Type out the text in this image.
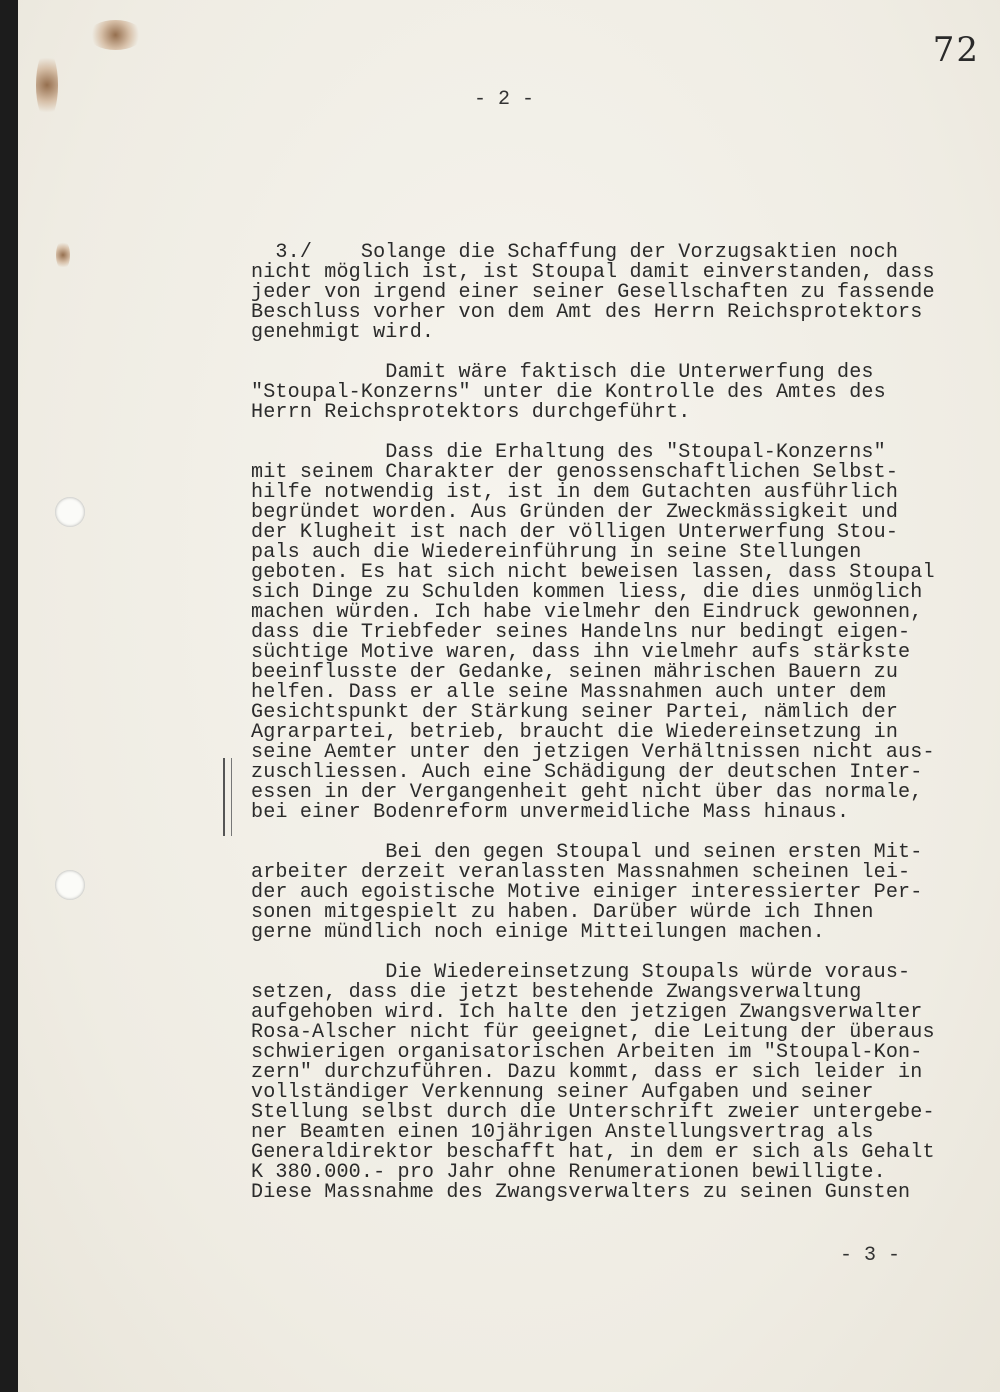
72
- 2 -
3./    Solange die Schaffung der Vorzugsaktien noch
nicht möglich ist, ist Stoupal damit einverstanden, dass
jeder von irgend einer seiner Gesellschaften zu fassende
Beschluss vorher von dem Amt des Herrn Reichsprotektors
genehmigt wird.
Damit wäre faktisch die Unterwerfung des
"Stoupal-Konzerns" unter die Kontrolle des Amtes des
Herrn Reichsprotektors durchgeführt.
Dass die Erhaltung des "Stoupal-Konzerns"
mit seinem Charakter der genossenschaftlichen Selbst-
hilfe notwendig ist, ist in dem Gutachten ausführlich
begründet worden. Aus Gründen der Zweckmässigkeit und
der Klugheit ist nach der völligen Unterwerfung Stou-
pals auch die Wiedereinführung in seine Stellungen
geboten. Es hat sich nicht beweisen lassen, dass Stoupal
sich Dinge zu Schulden kommen liess, die dies unmöglich
machen würden. Ich habe vielmehr den Eindruck gewonnen,
dass die Triebfeder seines Handelns nur bedingt eigen-
süchtige Motive waren, dass ihn vielmehr aufs stärkste
beeinflusste der Gedanke, seinen mährischen Bauern zu
helfen. Dass er alle seine Massnahmen auch unter dem
Gesichtspunkt der Stärkung seiner Partei, nämlich der
Agrarpartei, betrieb, braucht die Wiedereinsetzung in
seine Aemter unter den jetzigen Verhältnissen nicht aus-
zuschliessen. Auch eine Schädigung der deutschen Inter-
essen in der Vergangenheit geht nicht über das normale,
bei einer Bodenreform unvermeidliche Mass hinaus.
Bei den gegen Stoupal und seinen ersten Mit-
arbeiter derzeit veranlassten Massnahmen scheinen lei-
der auch egoistische Motive einiger interessierter Per-
sonen mitgespielt zu haben. Darüber würde ich Ihnen
gerne mündlich noch einige Mitteilungen machen.
Die Wiedereinsetzung Stoupals würde voraus-
setzen, dass die jetzt bestehende Zwangsverwaltung
aufgehoben wird. Ich halte den jetzigen Zwangsverwalter
Rosa-Alscher nicht für geeignet, die Leitung der überaus
schwierigen organisatorischen Arbeiten im "Stoupal-Kon-
zern" durchzuführen. Dazu kommt, dass er sich leider in
vollständiger Verkennung seiner Aufgaben und seiner
Stellung selbst durch die Unterschrift zweier untergebe-
ner Beamten einen 10jährigen Anstellungsvertrag als
Generaldirektor beschafft hat, in dem er sich als Gehalt
K 380.000.- pro Jahr ohne Renumerationen bewilligte.
Diese Massnahme des Zwangsverwalters zu seinen Gunsten
- 3 -
